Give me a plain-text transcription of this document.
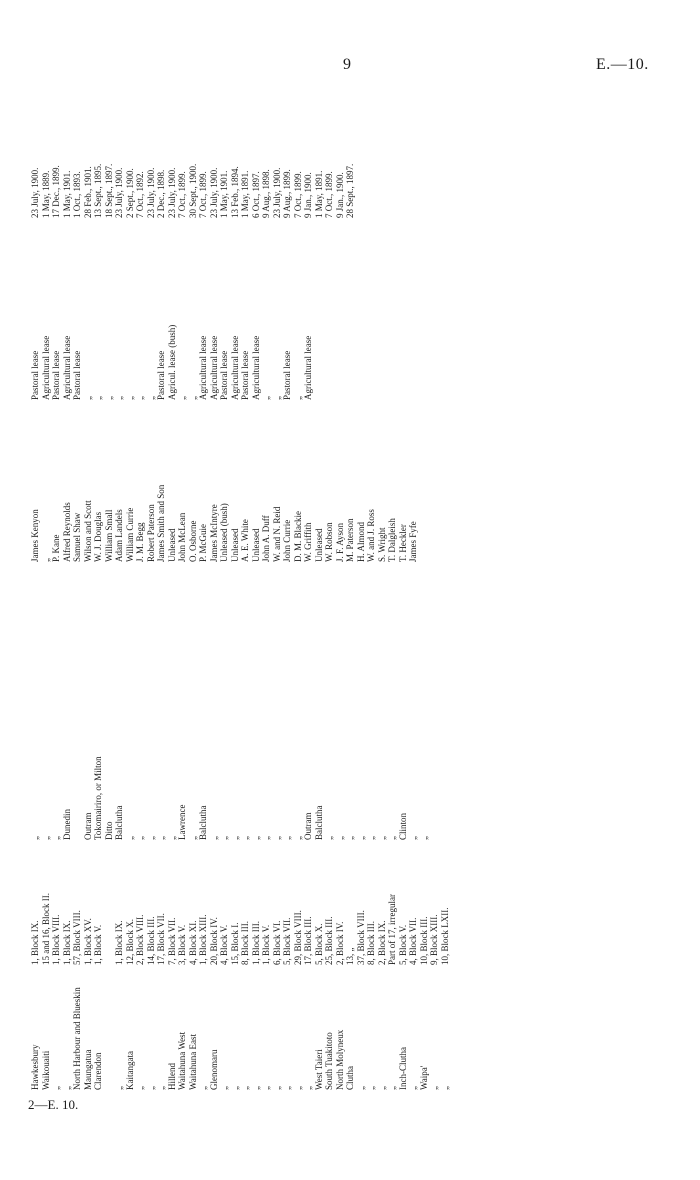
9	E.—10.
2—E. 10.
Hawkesbury Waikouaiti „ „ North Harbour and Blueskin Maungatua Clarendon „ Kaitangata „ „ „ Hillend Waitahuna West Waitahuna East „ Glenomaru „ „ „ „ „ „ „ „ „ West Taieri South Tuakitoto North Molyneux Clutha „ „ „ „ Inch-Clutha „ Waipa' „ „
1, Block IX. 15 and 16, Block II. 1, Block VIII. 1, Block IX. 57, Block VIII. 1, Block XV. 1, Block V. 1, Block IX. 12, Block X. 2, Block VIII. 14, Block III. 17, Block VII. 7, Block VII. 3, Block V. 4, Block XI. 1, Block XIII. 20, Block IV. 4, Block V. 15, Block I. 8, Block III. 1, Block III. 1, Block V. 6, Block VI. 5, Block VII. 29, Block VIII. 17, Block III. 5, Block X. 25, Block III. 2, Block IV. 13, „ 37, Block VIII. 8, Block III. 2, Block IX. Part of 17, irregular 5, Block V. 4, Block VII. 10, Block III. 9, Block XIII. 10, Block LXII.
„ „ „ Dunedin Outram Tokomairiro, or Milton Ditto Balclutha „ „ „ „ „ Lawrence „ Balclutha „ „ „ „ „ „ „ „ „ Outram Balclutha „ „ „ „ „ „ „ Clinton „ „
James Kenyon „ P. Kane Alfred Reynolds Samuel Shaw Wilson and Scott W. J. Douglas William Small Adam Landels William Currie J. M. Begg Robert Paterson James Smith and Son Unleased John McLean O. Osborne P. McGuie James McIntyre Unleased (bush) Unleased A. E. White Unleased John A. Duff W. and N. Reid John Currie D. M. Blackie W. Griffith Unleased W. Robson J. F. Ayson M. Paterson H. Almond W. and J. Ross S. Wright T. Dalgleish T. Heckler James Fyfe
Pastoral lease Agricultural lease Pastoral lease Agricultural lease Pastoral lease „ „ „ „ „ „ „ Pastoral lease Agricul. lease (bush) „ „ Agricultural lease Agricultural lease Pastoral lease Agricultural lease Pastoral lease Agricultural lease „ „ Pastoral lease „ Agricultural lease
23 July, 1900. 1 May, 1889. 17 Dec., 1899. 1 May, 1901. 1 Oct., 1893. 28 Feb., 1901. 13 Sept., 1895. 18 Sept., 1897. 23 July, 1900. 2 Sept., 1900. 7 Oct., 1892. 23 July, 1900. 2 Dec., 1898. 23 July, 1900. 7 Oct., 1899. 30 Sept., 1900. 7 Oct., 1899. 23 July, 1900. 1 May, 1901. 13 Feb., 1894. 1 May, 1891. 6 Oct., 1897. 9 Aug., 1898. 23 July, 1900. 9 Aug., 1899. 7 Oct., 1899. 9 Jan., 1900. 1 May, 1891. 7 Oct., 1899. 9 Jan., 1900. 28 Sept., 1897.
